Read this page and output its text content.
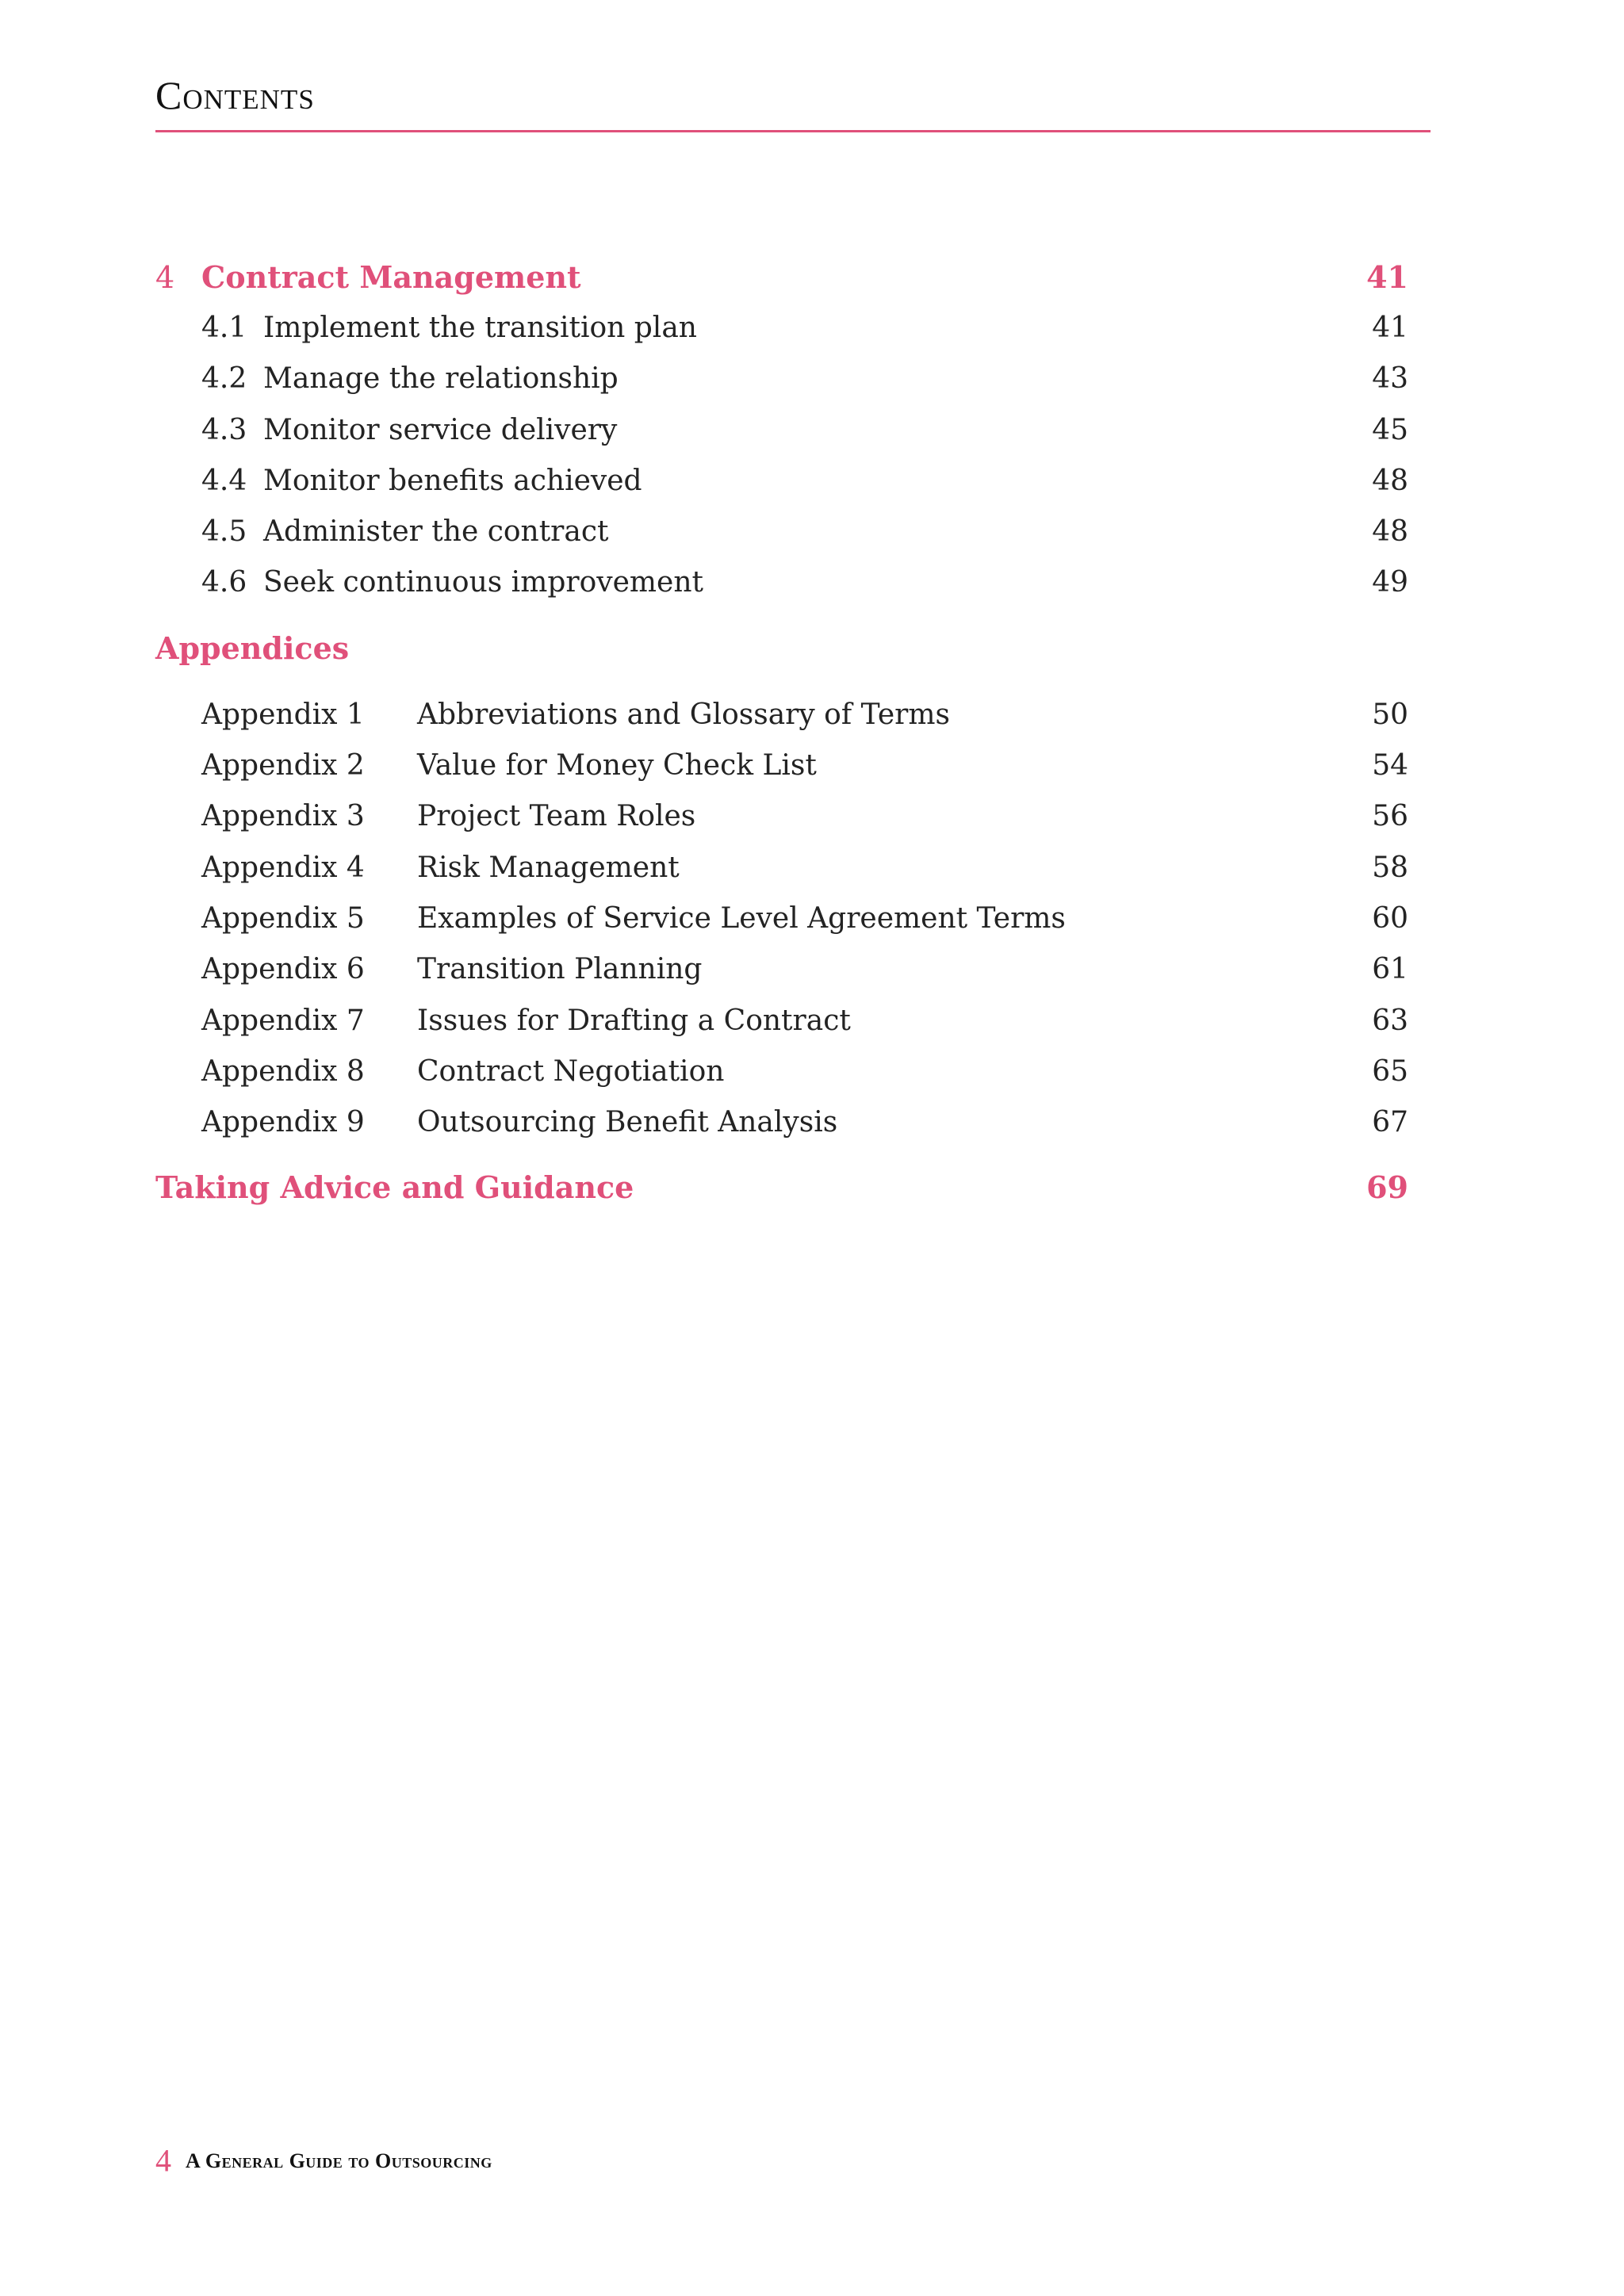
Contents
4 Contract Management	41
4.1 Implement the transition plan	41
4.2 Manage the relationship	43
4.3 Monitor service delivery	45
4.4 Monitor benefits achieved	48
4.5 Administer the contract	48
4.6 Seek continuous improvement	49
Appendices
Appendix 1 Abbreviations and Glossary of Terms	50
Appendix 2 Value for Money Check List	54
Appendix 3 Project Team Roles	56
Appendix 4 Risk Management	58
Appendix 5 Examples of Service Level Agreement Terms	60
Appendix 6 Transition Planning	61
Appendix 7 Issues for Drafting a Contract	63
Appendix 8 Contract Negotiation	65
Appendix 9 Outsourcing Benefit Analysis	67
Taking Advice and Guidance	69
4 A General Guide to Outsourcing
